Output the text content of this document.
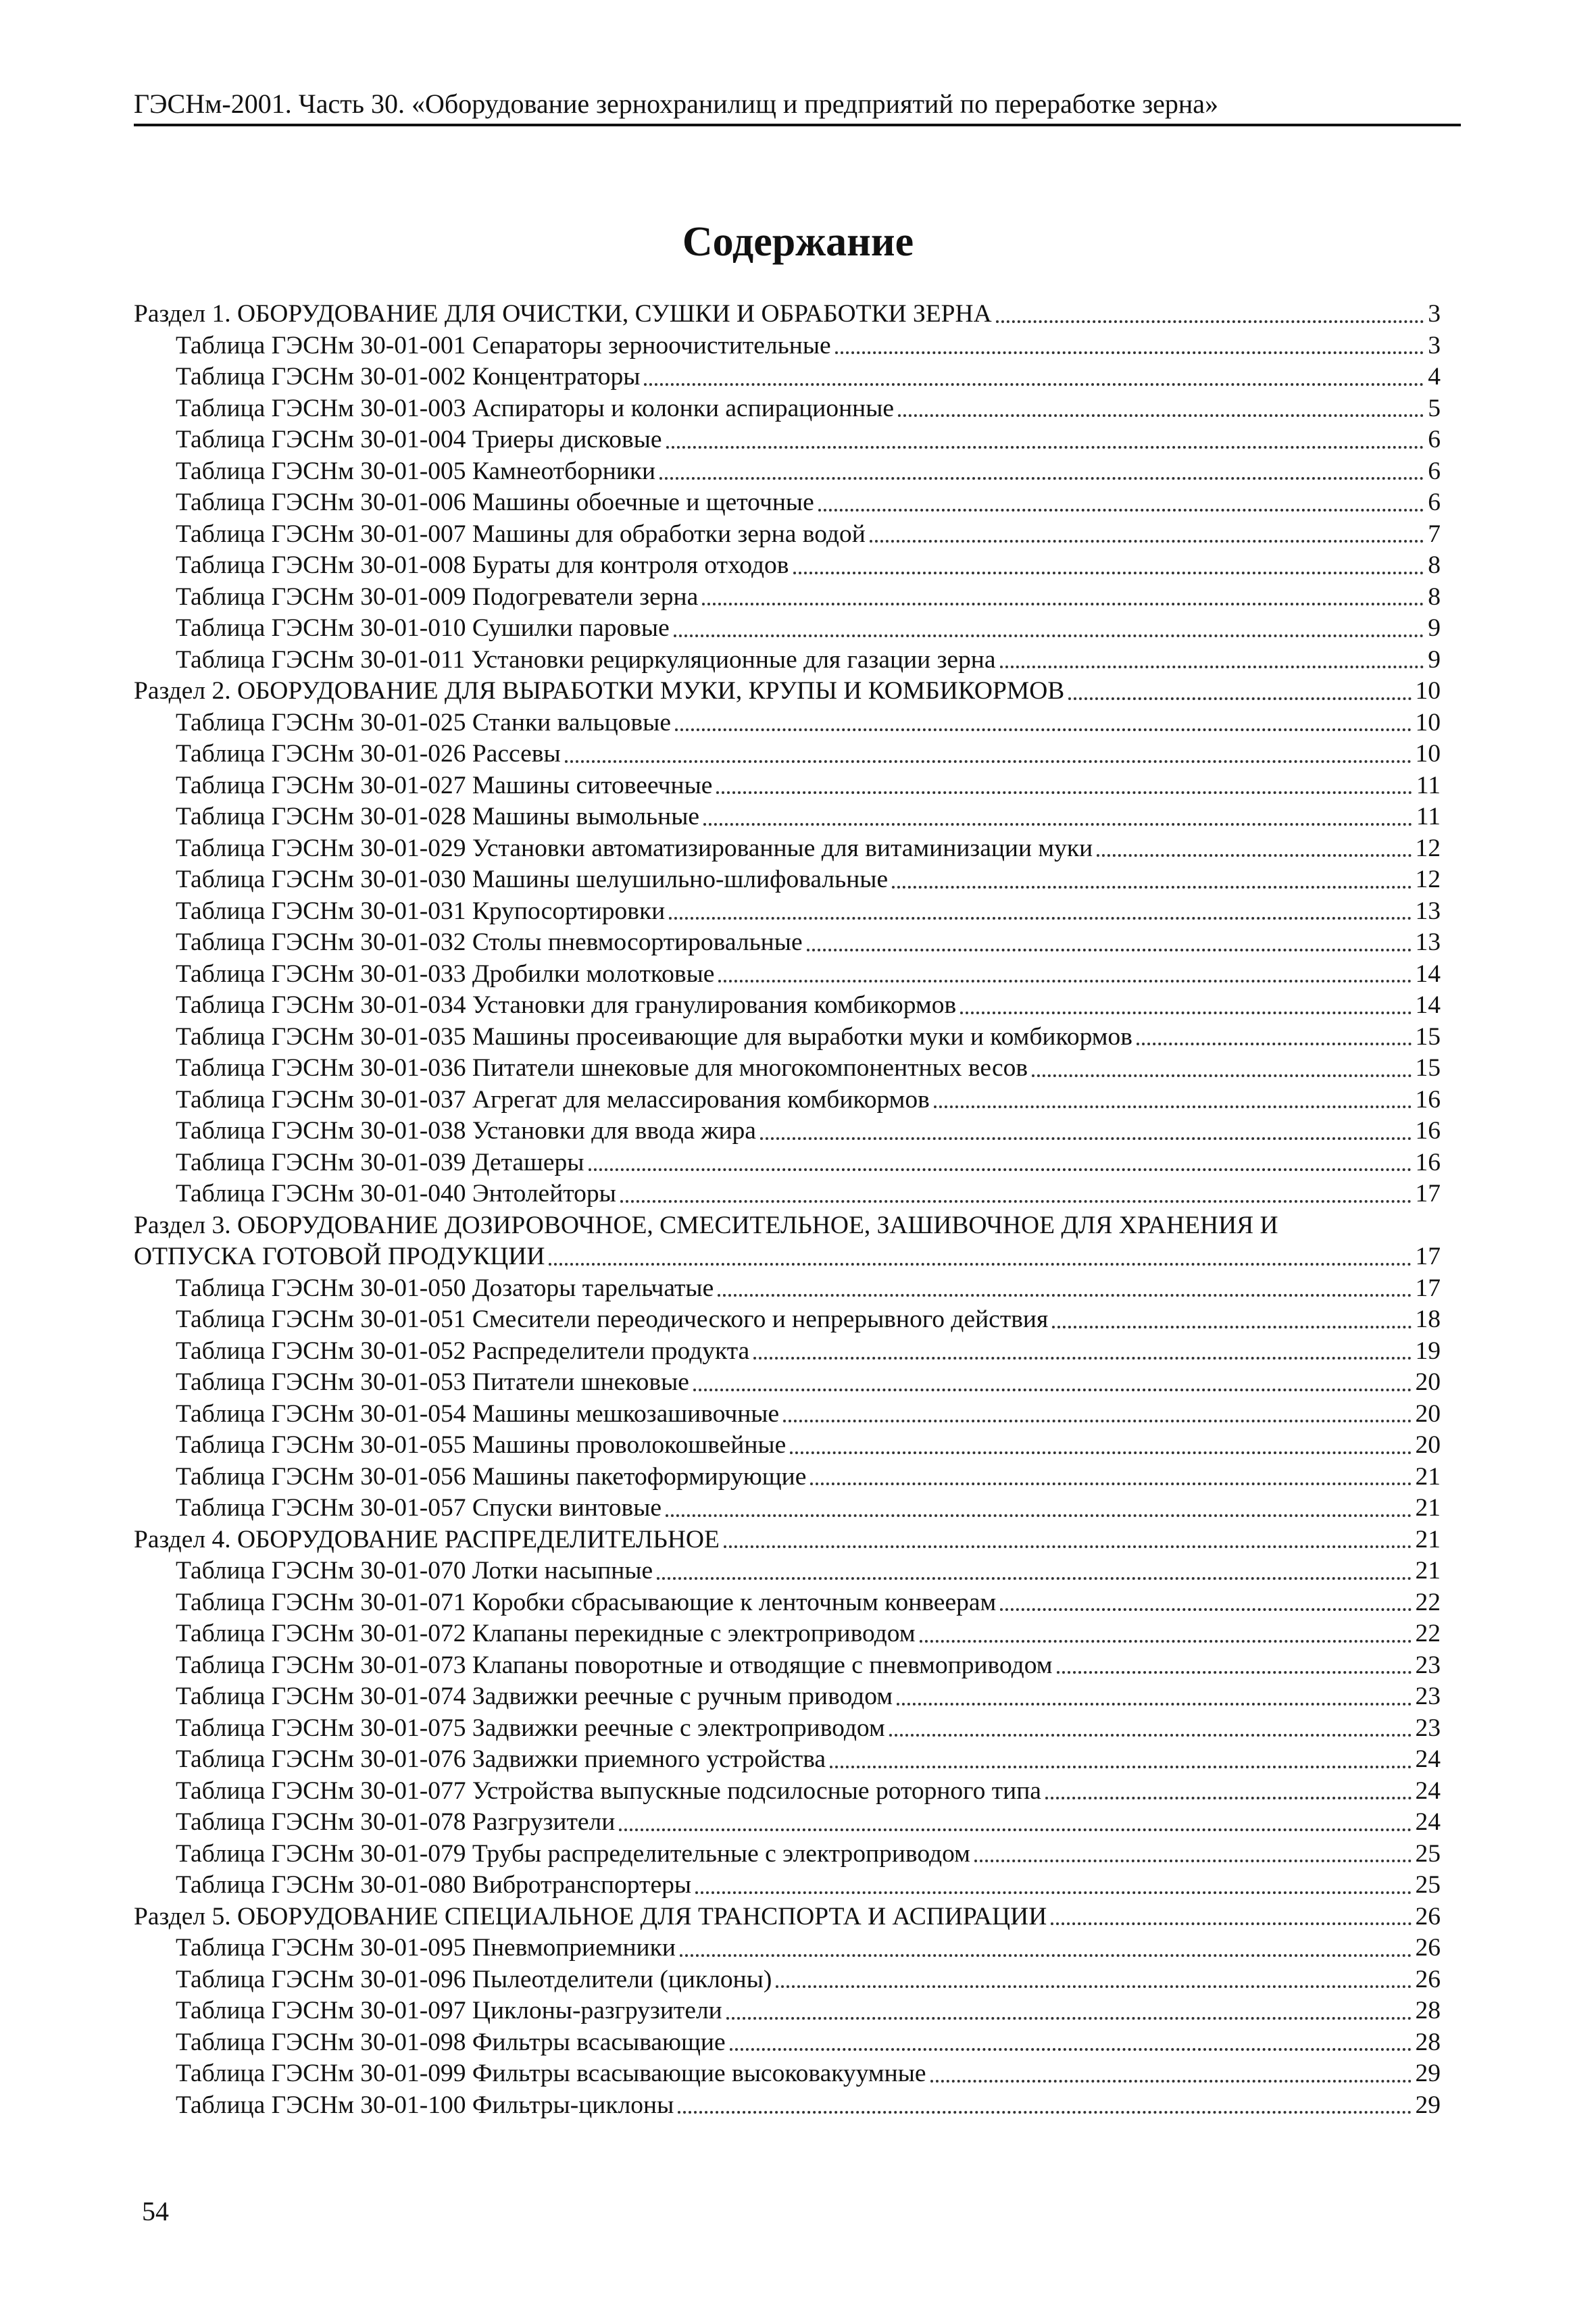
ГЭСНм-2001. Часть 30. «Оборудование зернохранилищ и предприятий по переработке зерна»
Содержание
Раздел 1. ОБОРУДОВАНИЕ ДЛЯ ОЧИСТКИ, СУШКИ И ОБРАБОТКИ ЗЕРНА	3
Таблица ГЭСНм 30-01-001 Сепараторы зерноочистительные	3
Таблица ГЭСНм 30-01-002 Концентраторы	4
Таблица ГЭСНм 30-01-003 Аспираторы и колонки аспирационные	5
Таблица ГЭСНм 30-01-004 Триеры дисковые	6
Таблица ГЭСНм 30-01-005 Камнеотборники	6
Таблица ГЭСНм 30-01-006 Машины обоечные и щеточные	6
Таблица ГЭСНм 30-01-007 Машины для обработки зерна водой	7
Таблица ГЭСНм 30-01-008 Бураты для контроля отходов	8
Таблица ГЭСНм 30-01-009 Подогреватели зерна	8
Таблица ГЭСНм 30-01-010 Сушилки паровые	9
Таблица ГЭСНм 30-01-011 Установки рециркуляционные для газации зерна	9
Раздел 2. ОБОРУДОВАНИЕ ДЛЯ ВЫРАБОТКИ МУКИ, КРУПЫ И КОМБИКОРМОВ	10
Таблица ГЭСНм 30-01-025 Станки вальцовые	10
Таблица ГЭСНм 30-01-026 Рассевы	10
Таблица ГЭСНм 30-01-027 Машины ситовеечные	11
Таблица ГЭСНм 30-01-028 Машины вымольные	11
Таблица ГЭСНм 30-01-029 Установки автоматизированные для витаминизации муки	12
Таблица ГЭСНм 30-01-030 Машины шелушильно-шлифовальные	12
Таблица ГЭСНм 30-01-031 Крупосортировки	13
Таблица ГЭСНм 30-01-032 Столы пневмосортировальные	13
Таблица ГЭСНм 30-01-033 Дробилки молотковые	14
Таблица ГЭСНм 30-01-034 Установки для гранулирования комбикормов	14
Таблица ГЭСНм 30-01-035 Машины просеивающие для выработки муки и комбикормов	15
Таблица ГЭСНм 30-01-036 Питатели шнековые для многокомпонентных весов	15
Таблица ГЭСНм 30-01-037 Агрегат для мелассирования комбикормов	16
Таблица ГЭСНм 30-01-038 Установки для ввода жира	16
Таблица ГЭСНм 30-01-039 Деташеры	16
Таблица ГЭСНм 30-01-040 Энтолейторы	17
Раздел 3. ОБОРУДОВАНИЕ ДОЗИРОВОЧНОЕ, СМЕСИТЕЛЬНОЕ, ЗАШИВОЧНОЕ ДЛЯ ХРАНЕНИЯ И
ОТПУСКА ГОТОВОЙ ПРОДУКЦИИ	17
Таблица ГЭСНм 30-01-050 Дозаторы тарельчатые	17
Таблица ГЭСНм 30-01-051 Смесители переодического и непрерывного действия	18
Таблица ГЭСНм 30-01-052 Распределители продукта	19
Таблица ГЭСНм 30-01-053 Питатели шнековые	20
Таблица ГЭСНм 30-01-054 Машины мешкозашивочные	20
Таблица ГЭСНм 30-01-055 Машины проволокошвейные	20
Таблица ГЭСНм 30-01-056 Машины пакетоформирующие	21
Таблица ГЭСНм 30-01-057 Спуски винтовые	21
Раздел 4. ОБОРУДОВАНИЕ РАСПРЕДЕЛИТЕЛЬНОЕ	21
Таблица ГЭСНм 30-01-070 Лотки насыпные	21
Таблица ГЭСНм 30-01-071 Коробки сбрасывающие к ленточным конвеерам	22
Таблица ГЭСНм 30-01-072 Клапаны перекидные с электроприводом	22
Таблица ГЭСНм 30-01-073 Клапаны поворотные и отводящие с пневмоприводом	23
Таблица ГЭСНм 30-01-074 Задвижки реечные с ручным приводом	23
Таблица ГЭСНм 30-01-075 Задвижки реечные с электроприводом	23
Таблица ГЭСНм 30-01-076 Задвижки приемного устройства	24
Таблица ГЭСНм 30-01-077 Устройства выпускные подсилосные роторного типа	24
Таблица ГЭСНм 30-01-078 Разгрузители	24
Таблица ГЭСНм 30-01-079 Трубы распределительные с электроприводом	25
Таблица ГЭСНм 30-01-080 Вибротранспортеры	25
Раздел 5. ОБОРУДОВАНИЕ СПЕЦИАЛЬНОЕ ДЛЯ ТРАНСПОРТА И АСПИРАЦИИ	26
Таблица ГЭСНм 30-01-095 Пневмоприемники	26
Таблица ГЭСНм 30-01-096 Пылеотделители (циклоны)	26
Таблица ГЭСНм 30-01-097 Циклоны-разгрузители	28
Таблица ГЭСНм 30-01-098 Фильтры всасывающие	28
Таблица ГЭСНм 30-01-099 Фильтры всасывающие высоковакуумные	29
Таблица ГЭСНм 30-01-100 Фильтры-циклоны	29
54
